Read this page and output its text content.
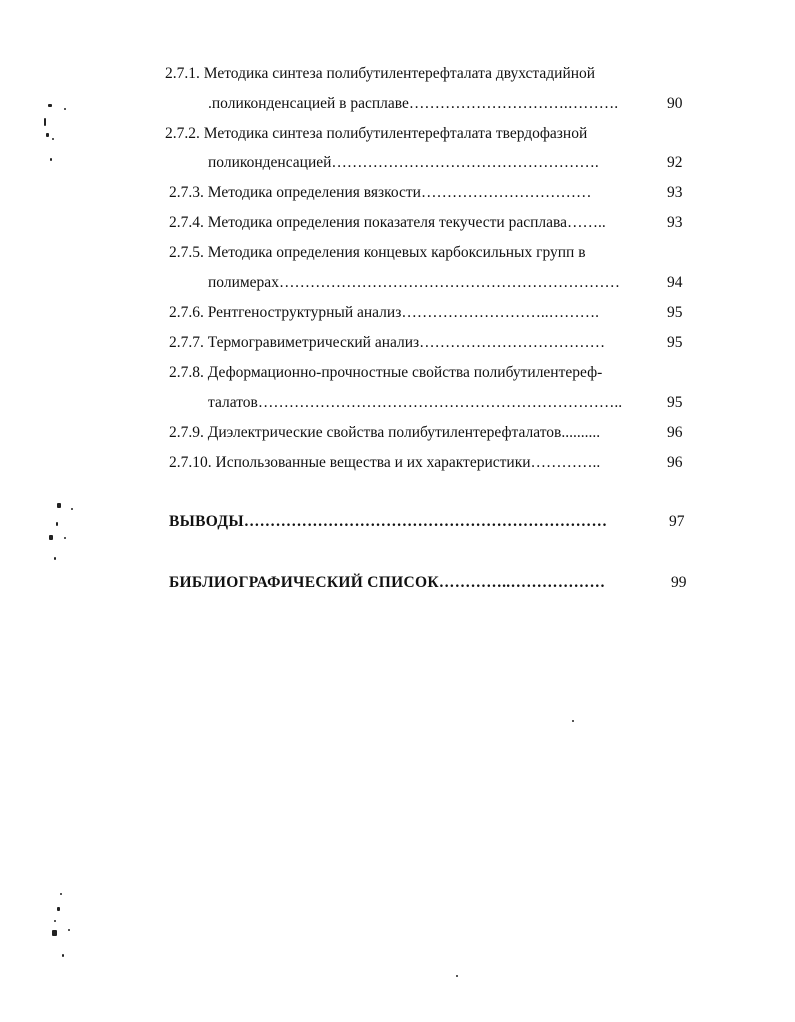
2.7.1. Методика синтеза полибутилентерефталата двухстадийной
.поликонденсацией в расплаве………………………….……….	90
2.7.2. Методика синтеза полибутилентерефталата твердофазной
поликонденсацией…………………………………………….	92
2.7.3. Методика определения вязкости……………………………	93
2.7.4. Методика определения показателя текучести расплава……..	93
2.7.5. Методика определения концевых карбоксильных групп в
полимерах…………………………………………………………	94
2.7.6. Рентгеноструктурный анализ………………………..……….	95
2.7.7. Термогравиметрический анализ………………………………	95
2.7.8. Деформационно-прочностные свойства полибутилентереф-
талатов……………………………………………………………..	95
2.7.9. Диэлектрические свойства полибутилентерефталатов..........	96
2.7.10. Использованные вещества и их характеристики…………..	96
ВЫВОДЫ……………………………………………………………	97
БИБЛИОГРАФИЧЕСКИЙ СПИСОК…………..………………	99
